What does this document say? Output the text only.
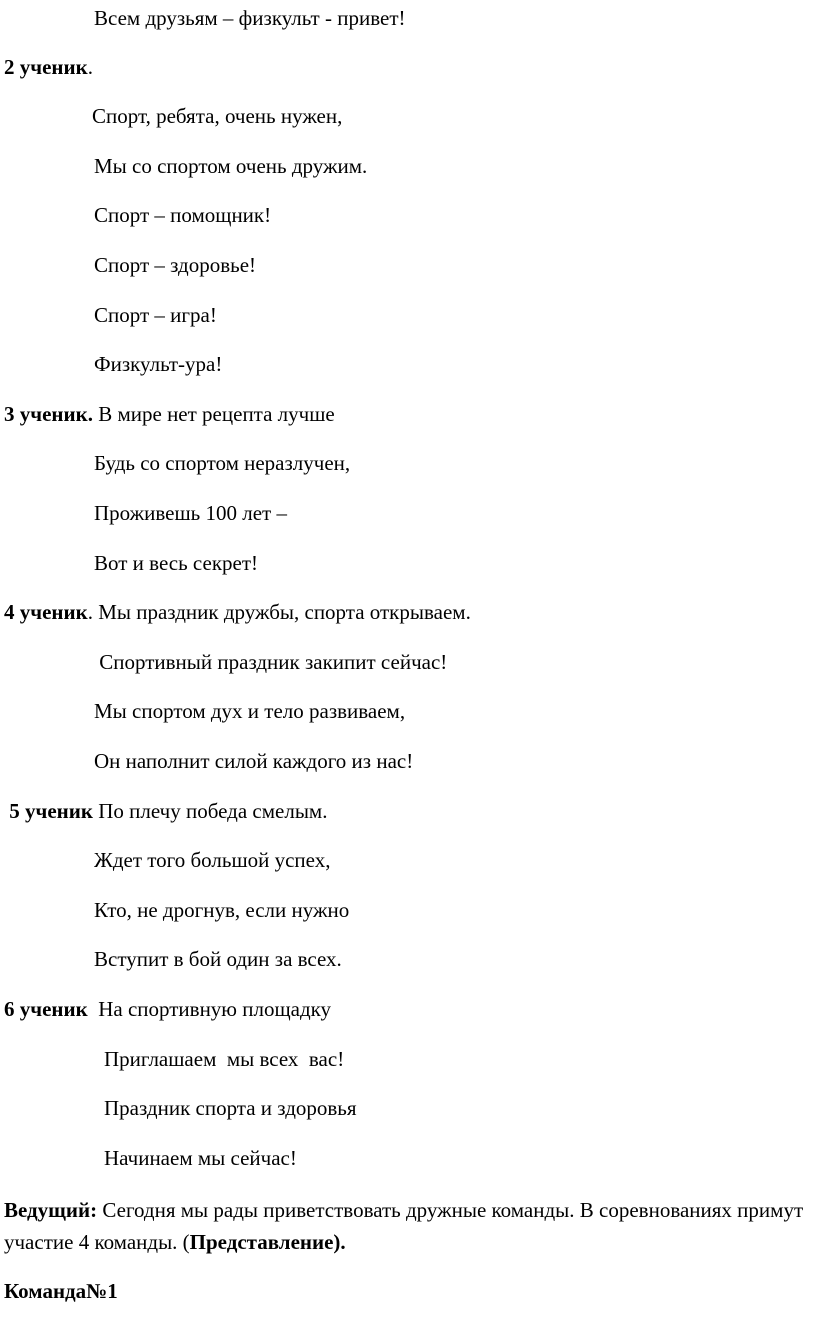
Всем друзьям – физкульт - привет!
2 ученик.
Спорт, ребята, очень нужен,
Мы со спортом очень дружим.
Спорт – помощник!
Спорт – здоровье!
Спорт – игра!
Физкульт-ура!
3 ученик. В мире нет рецепта лучше
Будь со спортом неразлучен,
Проживешь 100 лет –
Вот и весь секрет!
4 ученик. Мы праздник дружбы, спорта открываем.
Спортивный праздник закипит сейчас!
Мы спортом дух и тело развиваем,
Он наполнит силой каждого из нас!
5 ученик По плечу победа смелым.
Ждет того большой успех,
Кто, не дрогнув, если нужно
Вступит в бой один за всех.
6 ученик  На спортивную площадку
Приглашаем  мы всех  вас!
Праздник спорта и здоровья
Начинаем мы сейчас!
Ведущий: Сегодня мы рады приветствовать дружные команды. В соревнованиях примут участие 4 команды. (Представление).
Команда№1
